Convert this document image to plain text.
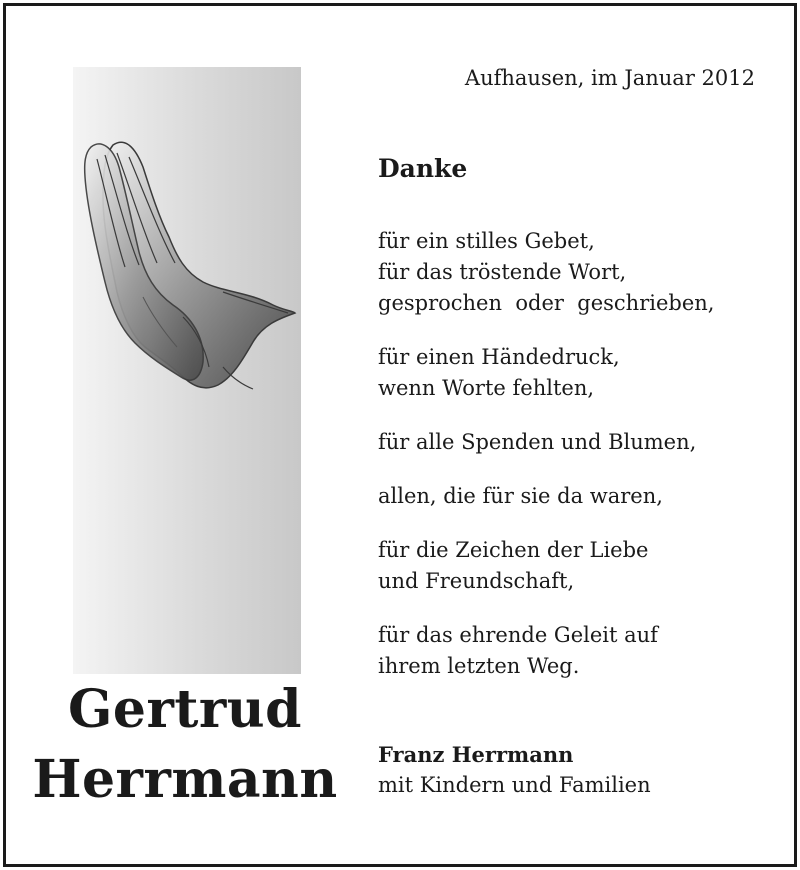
Gertrud
Herrmann
Aufhausen, im Januar 2012
Danke
für ein stilles Gebet,
für das tröstende Wort,
gesprochen  oder  geschrieben,
für einen Händedruck,
wenn Worte fehlten,
für alle Spenden und Blumen,
allen, die für sie da waren,
für die Zeichen der Liebe
und Freundschaft,
für das ehrende Geleit auf
ihrem letzten Weg.
Franz Herrmann
mit Kindern und Familien
